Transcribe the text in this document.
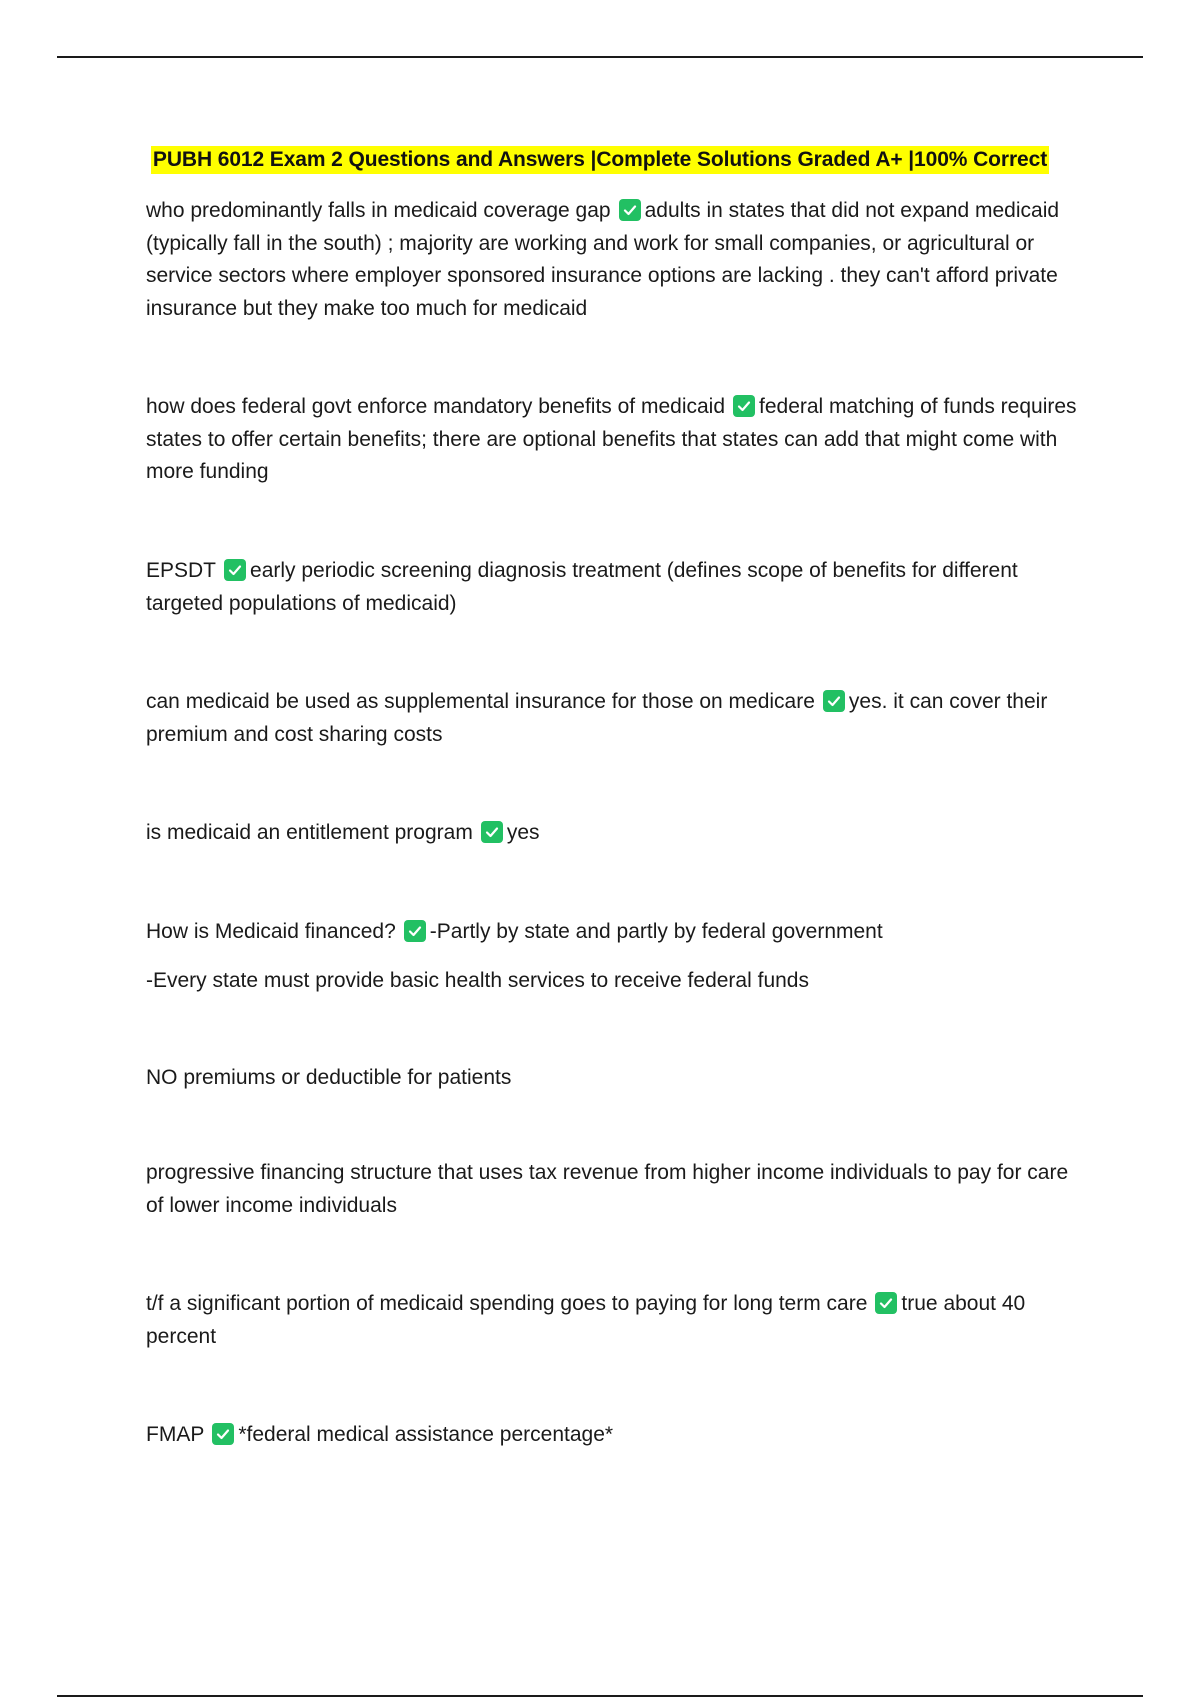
PUBH 6012 Exam 2 Questions and Answers |Complete Solutions Graded A+ |100% Correct

who predominantly falls in medicaid coverage gap adults in states that did not expand medicaid (typically fall in the south) ; majority are working and work for small companies, or agricultural or service sectors where employer sponsored insurance options are lacking . they can't afford private insurance but they make too much for medicaid

how does federal govt enforce mandatory benefits of medicaid federal matching of funds requires states to offer certain benefits; there are optional benefits that states can add that might come with more funding

EPSDT early periodic screening diagnosis treatment (defines scope of benefits for different targeted populations of medicaid)

can medicaid be used as supplemental insurance for those on medicare yes. it can cover their premium and cost sharing costs

is medicaid an entitlement program yes

How is Medicaid financed? -Partly by state and partly by federal government

-Every state must provide basic health services to receive federal funds

NO premiums or deductible for patients

progressive financing structure that uses tax revenue from higher income individuals to pay for care of lower income individuals

t/f a significant portion of medicaid spending goes to paying for long term care true about 40 percent

FMAP *federal medical assistance percentage*
